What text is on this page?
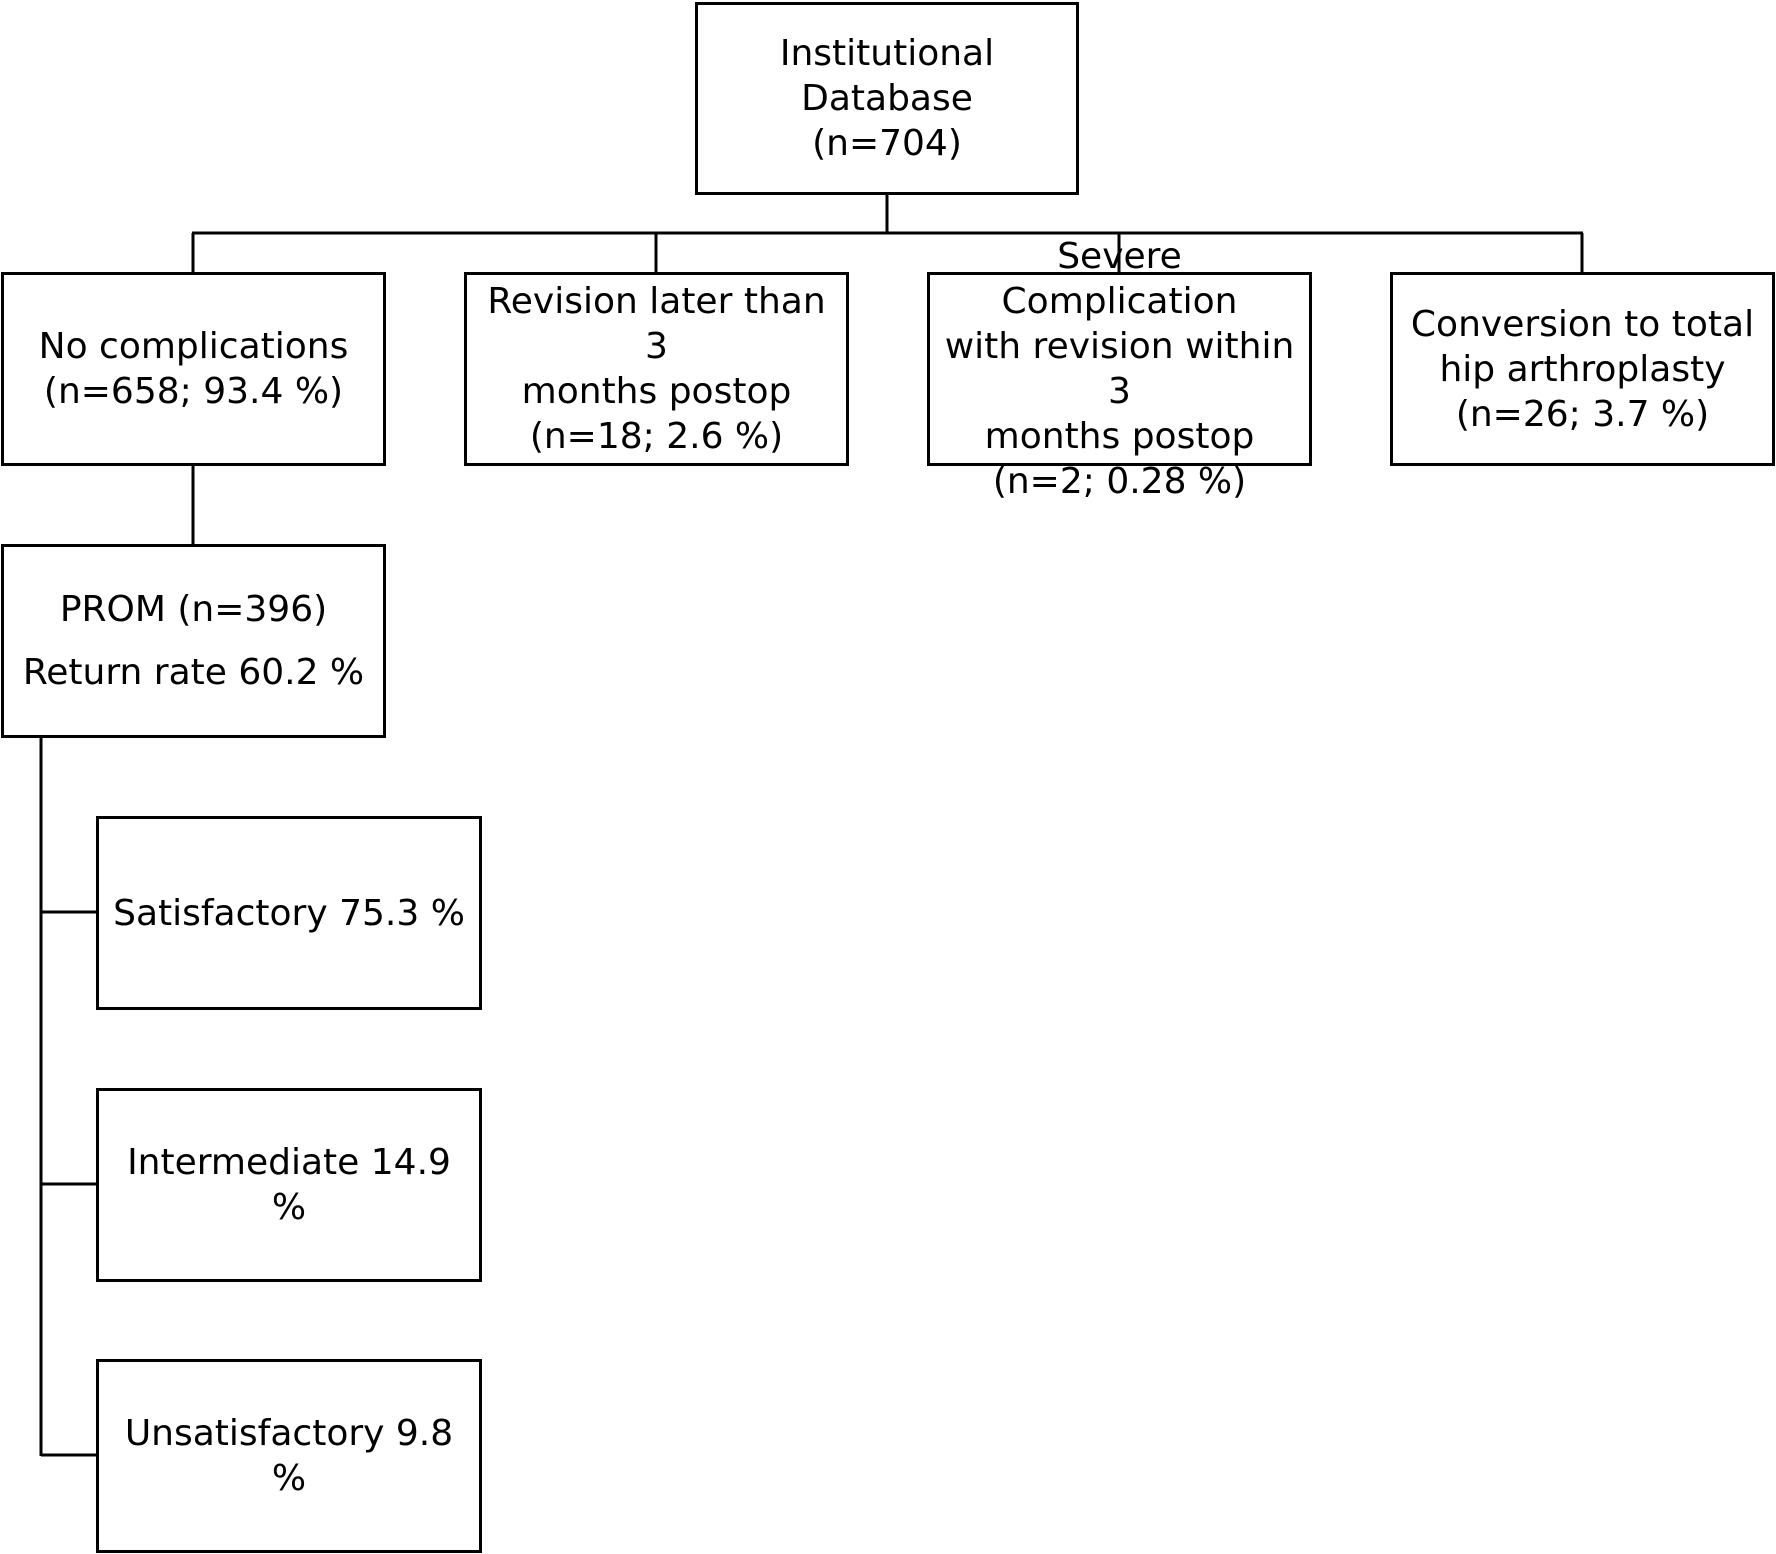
Institutional Database
(n=704)
No complications
(n=658; 93.4 %)
Revision later than 3
months postop
(n=18; 2.6 %)
Severe Complication
with revision within 3
months postop
(n=2; 0.28 %)
Conversion to total
hip arthroplasty
(n=26; 3.7 %)
PROM (n=396)
Return rate 60.2 %
Satisfactory 75.3 %
Intermediate 14.9 %
Unsatisfactory 9.8 %
